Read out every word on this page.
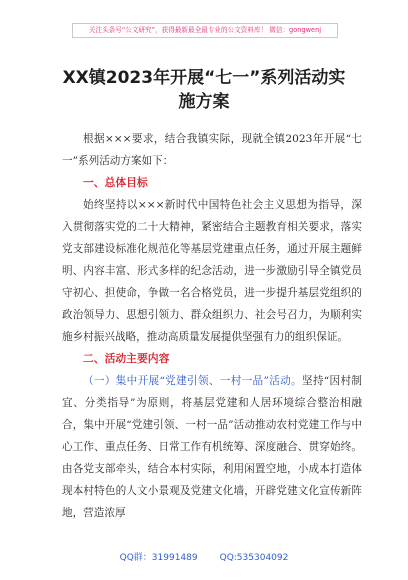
关注头条号“公文研究”，获得最新最全最专业的公文资料库！ 微信：gongwenj
XX镇2023年开展“七一”系列活动实
施方案

根据×××要求，结合我镇实际，现就全镇2023年开展“七一”系列活动方案如下：

一、总体目标

始终坚持以×××新时代中国特色社会主义思想为指导，深入贯彻落实党的二十大精神，紧密结合主题教育相关要求，落实党支部建设标准化规范化等基层党建重点任务，通过开展主题鲜明、内容丰富、形式多样的纪念活动，进一步激励引导全镇党员守初心、担使命，争做一名合格党员，进一步提升基层党组织的政治领导力、思想引领力、群众组织力、社会号召力，为顺利实施乡村振兴战略，推动高质量发展提供坚强有力的组织保证。

二、活动主要内容

（一）集中开展“党建引领、一村一品”活动。坚持“因村制宜、分类指导”为原则，将基层党建和人居环境综合整治相融合，集中开展“党建引领、一村一品”活动推动农村党建工作与中心工作、重点任务、日常工作有机统筹、深度融合、贯穿始终。由各党支部牵头，结合本村实际，利用闲置空地，小成本打造体现本村特色的人文小景观及党建文化墙，开辟党建文化宣传新阵地，营造浓厚

QQ群：31991489 QQ:535304092
